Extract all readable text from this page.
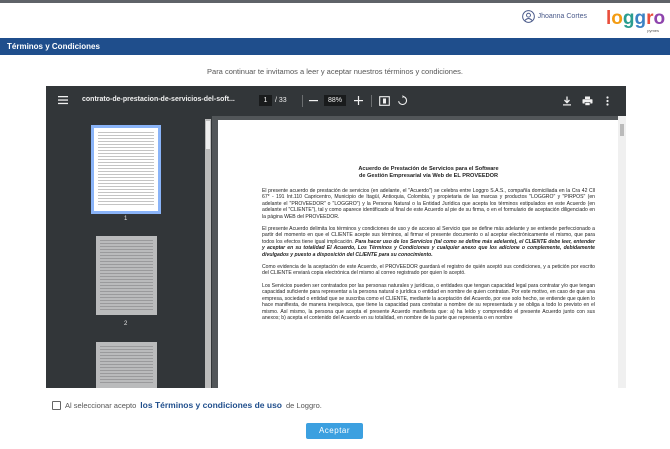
Jhoanna Cortes loggro
pymes
Términos y Condiciones
Para continuar te invitamos a leer y aceptar nuestros términos y condiciones.
contrato-de-prestacion-de-servicios-del-soft...	1	/ 33	88%
1
2
Acuerdo de Prestación de Servicios para el Software
de Gestión Empresarial vía Web de EL PROVEEDOR

El presente acuerdo de prestación de servicios (en adelante, el "Acuerdo") se celebra entre Loggro S.A.S., compañía domiciliada en la Cra 42 Cll 67* - 191 Int.110 Capricentro, Municipio de Itagüí, Antioquia, Colombia, y propietaria de las marcas y productos "LOGGRO" y "PIRPOS" (en adelante el "PROVEEDOR" o "LOGGRO") y la Persona Natural o la Entidad Jurídica que acepta los términos estipulados en este Acuerdo (en adelante el "CLIENTE"), tal y como aparece identificado al final de este Acuerdo al pie de su firma, o en el formulario de aceptación diligenciado en la página WEB del PROVEEDOR.

El presente Acuerdo delimita los términos y condiciones de uso y de acceso al Servicio que se define más adelante y se entiende perfeccionado a partir del momento en que el CLIENTE acepte sus términos, al firmar el presente documento o al aceptar electrónicamente el mismo, que para todos los efectos tiene igual implicación. Para hacer uso de los Servicios (tal como se define más adelante), el CLIENTE debe leer, entender y aceptar en su totalidad El Acuerdo, Los Términos y Condiciones y cualquier anexo que los adicione o complemente, debidamente divulgados y puesto a disposición del CLIENTE para su conocimiento.

Como evidencia de la aceptación de este Acuerdo, el PROVEEDOR guardará el registro de quién aceptó sus condiciones, y a petición por escrito del CLIENTE enviará copia electrónica del mismo al correo registrado por quien lo aceptó.

Los Servicios pueden ser contratados por las personas naturales y jurídicas, o entidades que tengan capacidad legal para contratar y/o que tengan capacidad suficiente para representar a la persona natural o jurídica o entidad en nombre de quien contratan. Por este motivo, en caso de que una empresa, sociedad o entidad que se suscriba como el CLIENTE, mediante la aceptación del Acuerdo, por ese solo hecho, se entiende que quien lo hace manifiesta, de manera inequívoca, que tiene la capacidad para contratar a nombre de su representada y se obliga a todo lo previsto en el mismo. Así mismo, la persona que acepta el presente Acuerdo manifiesta que: a) ha leído y comprendido el presente Acuerdo junto con sus anexos; b) acepta el contenido del Acuerdo en su totalidad, en nombre de la parte que representa o en nombre

Al seleccionar acepto los Términos y condiciones de uso de Loggro.
Aceptar
